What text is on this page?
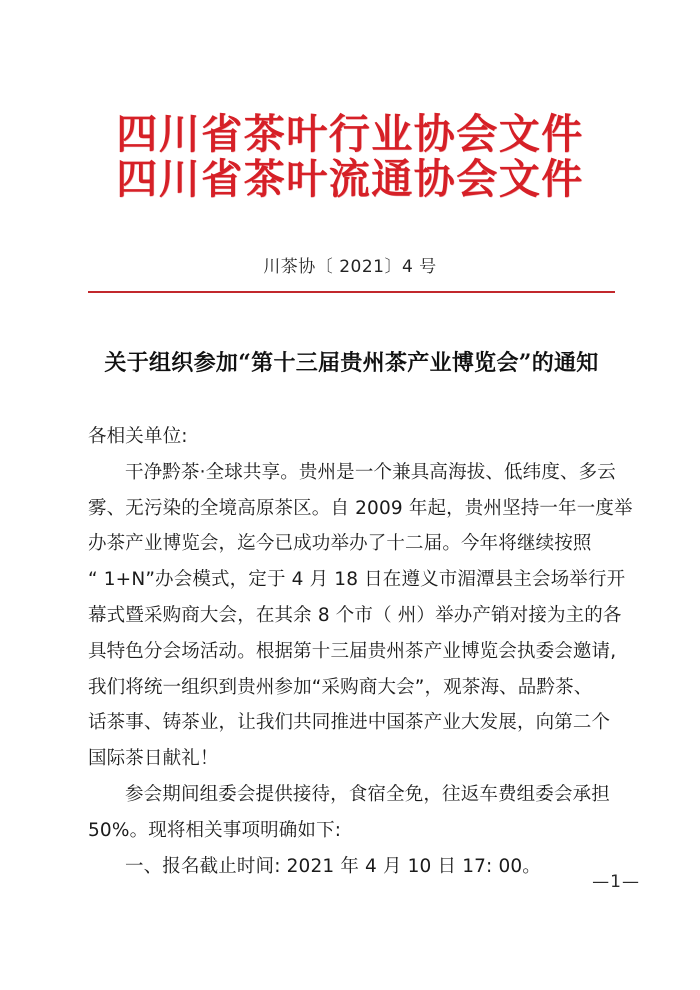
四川省茶叶行业协会文件
四川省茶叶流通协会文件
川茶协〔 2021〕4 号
关于组织参加“第十三届贵州茶产业博览会”的通知
各相关单位:
干净黔茶·全球共享。贵州是一个兼具高海拔、低纬度、多云
雾、无污染的全境高原茶区。自 2009 年起，贵州坚持一年一度举
办茶产业博览会，迄今已成功举办了十二届。今年将继续按照
“ 1+N”办会模式，定于 4 月 18 日在遵义市湄潭县主会场举行开
幕式暨采购商大会，在其余 8 个市（ 州）举办产销对接为主的各
具特色分会场活动。根据第十三届贵州茶产业博览会执委会邀请,
我们将统一组织到贵州参加“采购商大会”，观茶海、品黔茶、
话茶事、铸茶业，让我们共同推进中国茶产业大发展，向第二个
国际茶日献礼！
参会期间组委会提供接待，食宿全免，往返车费组委会承担
50%。现将相关事项明确如下:
一、报名截止时间: 2021 年 4 月 10 日 17: 00。
—1—
